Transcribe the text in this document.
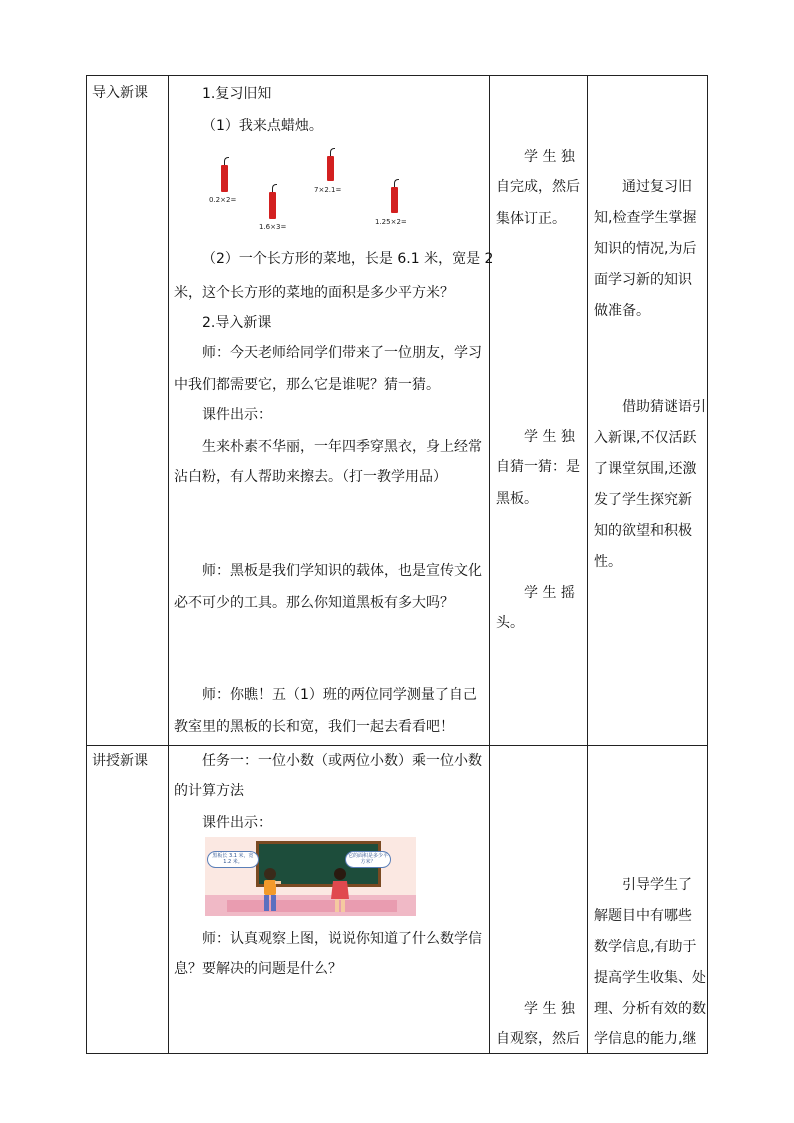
导入新课	1.复习旧知
（1）我来点蜡烛。
0.2×2=
1.6×3=
7×2.1=
1.25×2=
（2）一个长方形的菜地，长是 6.1 米，宽是 2
米，这个长方形的菜地的面积是多少平方米？
2.导入新课
师：今天老师给同学们带来了一位朋友，学习
中我们都需要它，那么它是谁呢？猜一猜。
课件出示：
生来朴素不华丽，一年四季穿黑衣，身上经常
沾白粉，有人帮助来擦去。（打一教学用品）
师：黑板是我们学知识的载体，也是宣传文化
必不可少的工具。那么你知道黑板有多大吗？
师：你瞧！五（1）班的两位同学测量了自己
教室里的黑板的长和宽，我们一起去看看吧！
学 生 独
自完成，然后
集体订正。
学 生 独
自猜一猜：是
黑板。
学 生 摇
头。
通过复习旧
知,检查学生掌握
知识的情况,为后
面学习新的知识
做准备。
借助猜谜语引
入新课,不仅活跃
了课堂氛围,还激
发了学生探究新
知的欲望和积极
性。
讲授新课	任务一：一位小数（或两位小数）乘一位小数
的计算方法
课件出示：
黑板长 3.1 米，宽 1.2 米。
它的面积是多少平方米？
师：认真观察上图，说说你知道了什么数学信
息？要解决的问题是什么？
学 生 独
自观察，然后
引导学生了
解题目中有哪些
数学信息,有助于
提高学生收集、处
理、分析有效的数
学信息的能力,继
